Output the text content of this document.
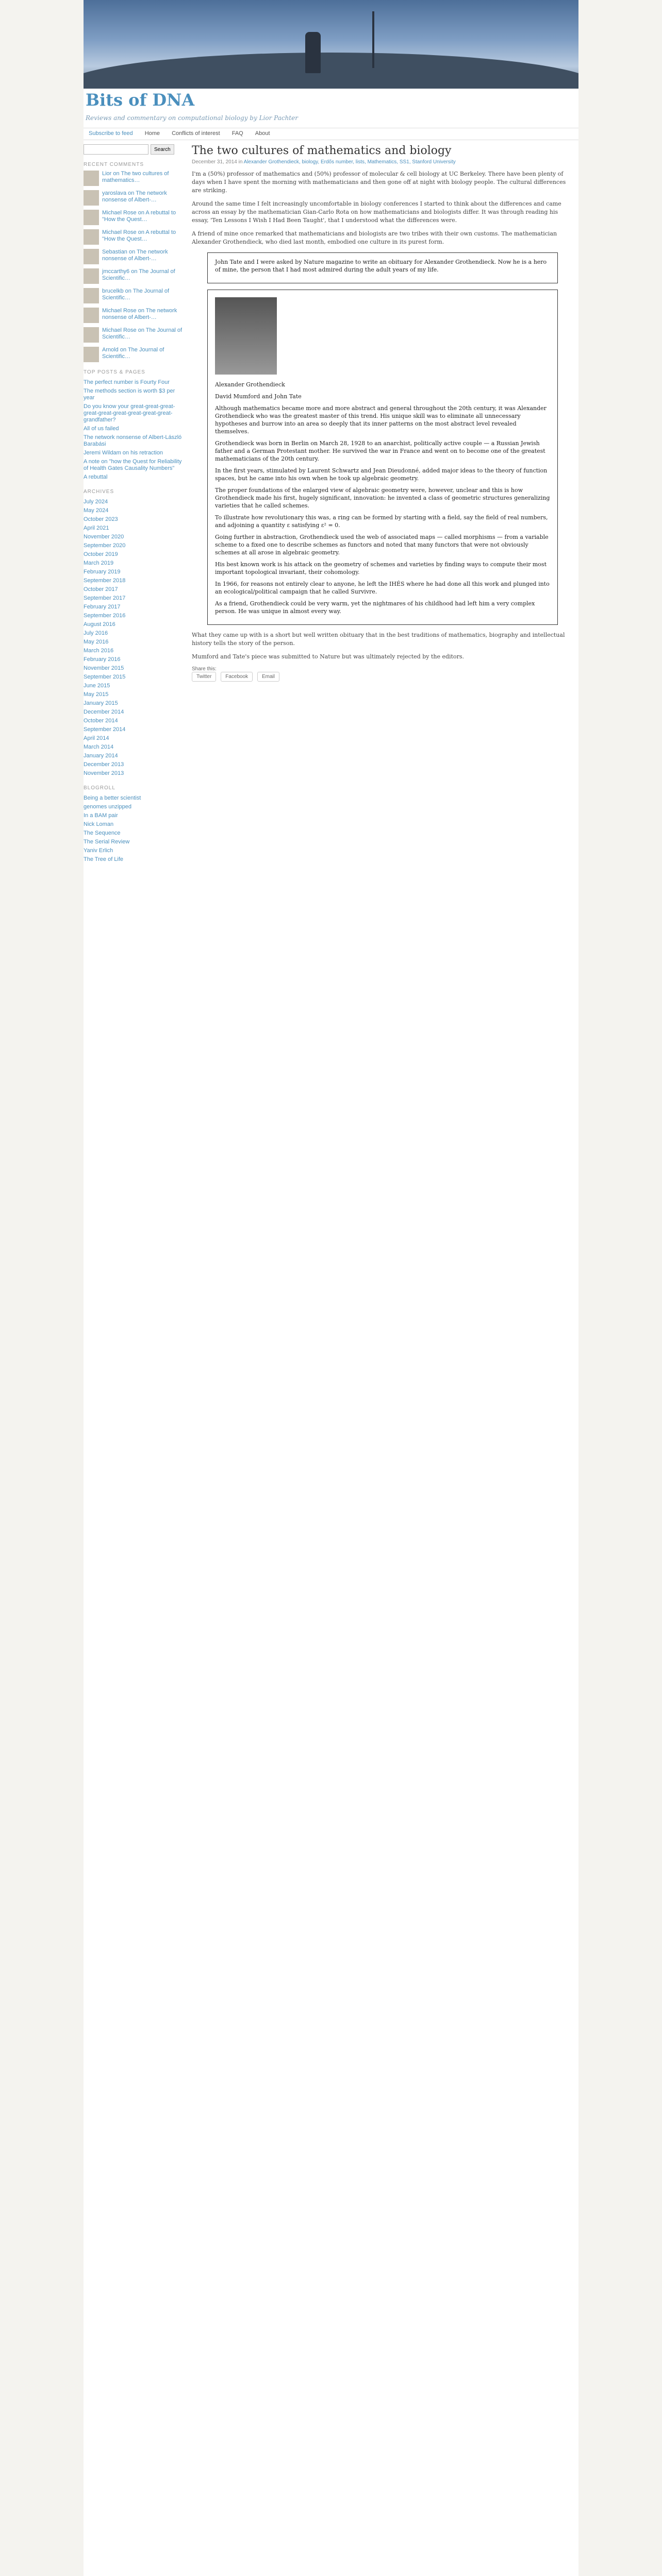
Bits of DNA
Reviews and commentary on computational biology by Lior Pachter
Subscribe to feed Home Conflicts of interest FAQ About
Search
RECENT COMMENTS
Lior on The two cultures of mathematics…
yaroslava on The network nonsense of Albert-…
Michael Rose on A rebuttal to "How the Quest…
Michael Rose on A rebuttal to "How the Quest…
Sebastian on The network nonsense of Albert-…
jmccarthy6 on The Journal of Scientific…
brucelkb on The Journal of Scientific…
Michael Rose on The network nonsense of Albert-…
Michael Rose on The Journal of Scientific…
Arnold on The Journal of Scientific…
TOP POSTS & PAGES
The perfect number is Fourty Four
The methods section is worth $3 per year
Do you know your great-great-great-great-great-great-great-great-great-grandfather?
All of us failed
The network nonsense of Albert-László Barabási
Jeremi Wildam on his retraction
A note on "how the Quest for Reliability of Health Gates Causality Numbers"
A rebuttal
ARCHIVES
July 2024
May 2024
October 2023
April 2021
November 2020
September 2020
October 2019
March 2019
February 2019
September 2018
October 2017
September 2017
February 2017
September 2016
August 2016
July 2016
May 2016
March 2016
February 2016
November 2015
September 2015
June 2015
May 2015
January 2015
December 2014
October 2014
September 2014
April 2014
March 2014
January 2014
December 2013
November 2013
BLOGROLL
Being a better scientist
genomes unzipped
In a BAM pair
Nick Loman
The Sequence
The Serial Review
Yaniv Erlich
The Tree of Life
The two cultures of mathematics and biology
December 31, 2014 in Alexander Grothendieck, biology, Erdős number, lists, Mathematics, SS1, Stanford University

I'm a (50%) professor of mathematics and (50%) professor of molecular & cell biology at UC Berkeley. There have been plenty of days when I have spent the morning with mathematicians and then gone off at night with biology people. The cultural differences are striking.

Around the same time I felt increasingly uncomfortable in biology conferences I started to think about the differences and came across an essay by the mathematician Gian-Carlo Rota on how mathematicians and biologists differ. It was through reading his essay, 'Ten Lessons I Wish I Had Been Taught', that I understood what the differences were.

A friend of mine once remarked that mathematicians and biologists are two tribes with their own customs. The mathematician Alexander Grothendieck, who died last month, embodied one culture in its purest form.

John Tate and I were asked by Nature magazine to write an obituary for Alexander Grothendieck. Now he is a hero of mine, the person that I had most admired during the adult years of my life.

Alexander Grothendieck

David Mumford and John Tate

Although mathematics became more and more abstract and general throughout the 20th century, it was Alexander Grothendieck who was the greatest master of this trend. His unique skill was to eliminate all unnecessary hypotheses and burrow into an area so deeply that its inner patterns on the most abstract level revealed themselves.

Grothendieck was born in Berlin on March 28, 1928 to an anarchist, politically active couple — a Russian Jewish father and a German Protestant mother. He survived the war in France and went on to become one of the greatest mathematicians of the 20th century.

In the first years, stimulated by Laurent Schwartz and Jean Dieudonné, added major ideas to the theory of function spaces, but he came into his own when he took up algebraic geometry.

The proper foundations of the enlarged view of algebraic geometry were, however, unclear and this is how Grothendieck made his first, hugely significant, innovation: he invented a class of geometric structures generalizing varieties that he called schemes.

To illustrate how revolutionary this was, a ring can be formed by starting with a field, say the field of real numbers, and adjoining a quantity ε satisfying ε² = 0.

Going further in abstraction, Grothendieck used the web of associated maps — called morphisms — from a variable scheme to a fixed one to describe schemes as functors and noted that many functors that were not obviously schemes at all arose in algebraic geometry.

His best known work is his attack on the geometry of schemes and varieties by finding ways to compute their most important topological invariant, their cohomology.

In 1966, for reasons not entirely clear to anyone, he left the IHÉS where he had done all this work and plunged into an ecological/political campaign that he called Survivre.

As a friend, Grothendieck could be very warm, yet the nightmares of his childhood had left him a very complex person. He was unique in almost every way.

What they came up with is a short but well written obituary that in the best traditions of mathematics, biography and intellectual history tells the story of the person.

Mumford and Tate's piece was submitted to Nature but was ultimately rejected by the editors.

Share this:
Twitter	Facebook	Email
